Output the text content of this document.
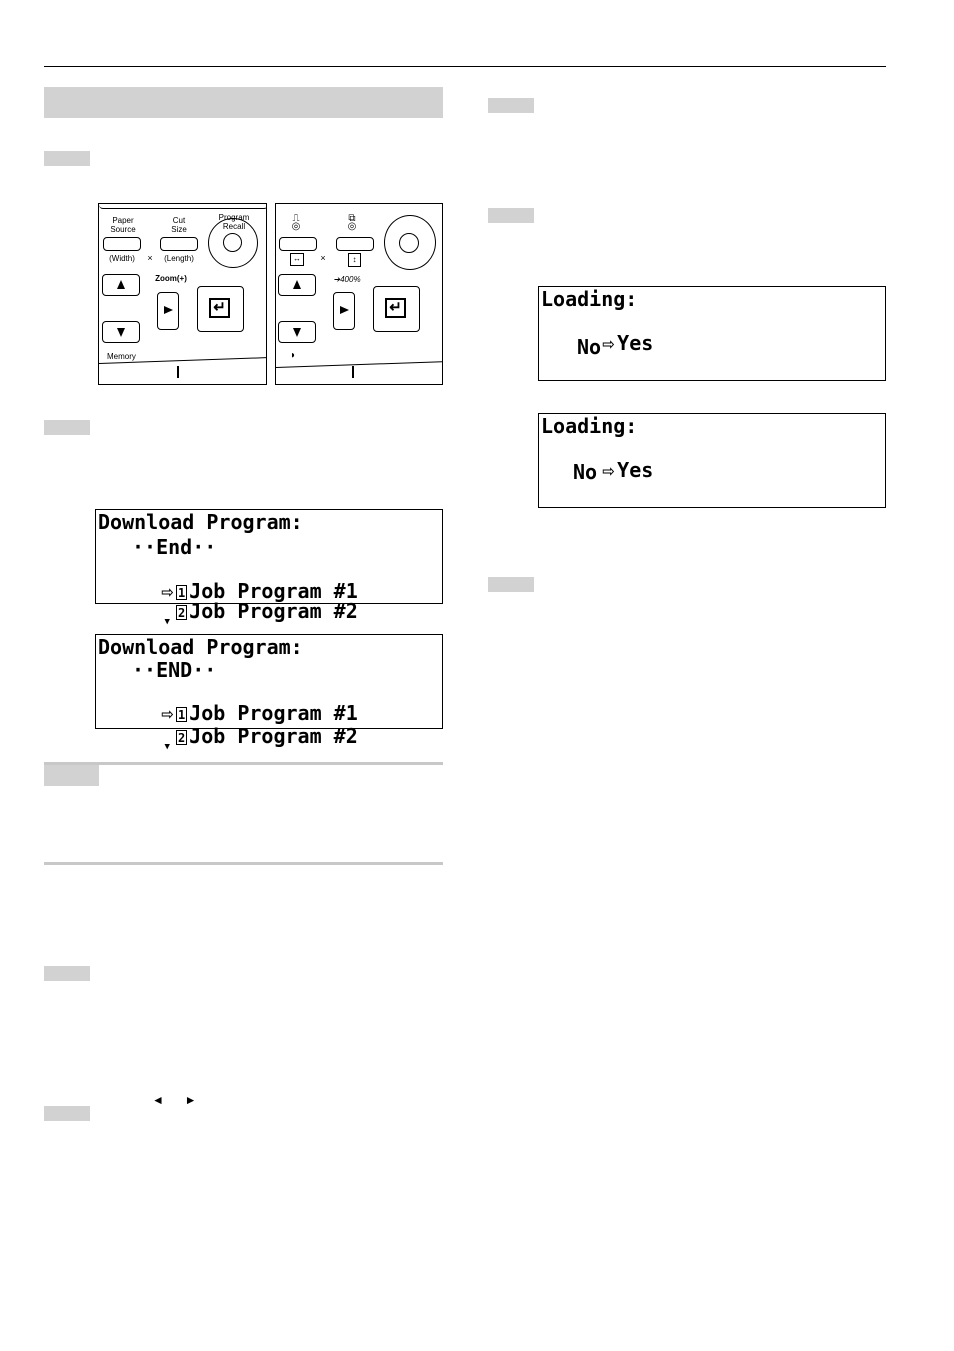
◄ ►
Paper
Source
Cut
Size
Program
Recall
(Width)	×	(Length)
Zoom(+)
↵
Memory
⎍
◎
⧉
◎
↔	×	↕
➔400%
↵
◗
Download Program:
··End··

⇨ 1 Job Program #1

▼2 Job Program #2

Download Program:
··END··

⇨ 1 Job Program #1

▼2 Job Program #2

Loading:

⇨ Yes

No
Loading:

⇨ Yes

No
